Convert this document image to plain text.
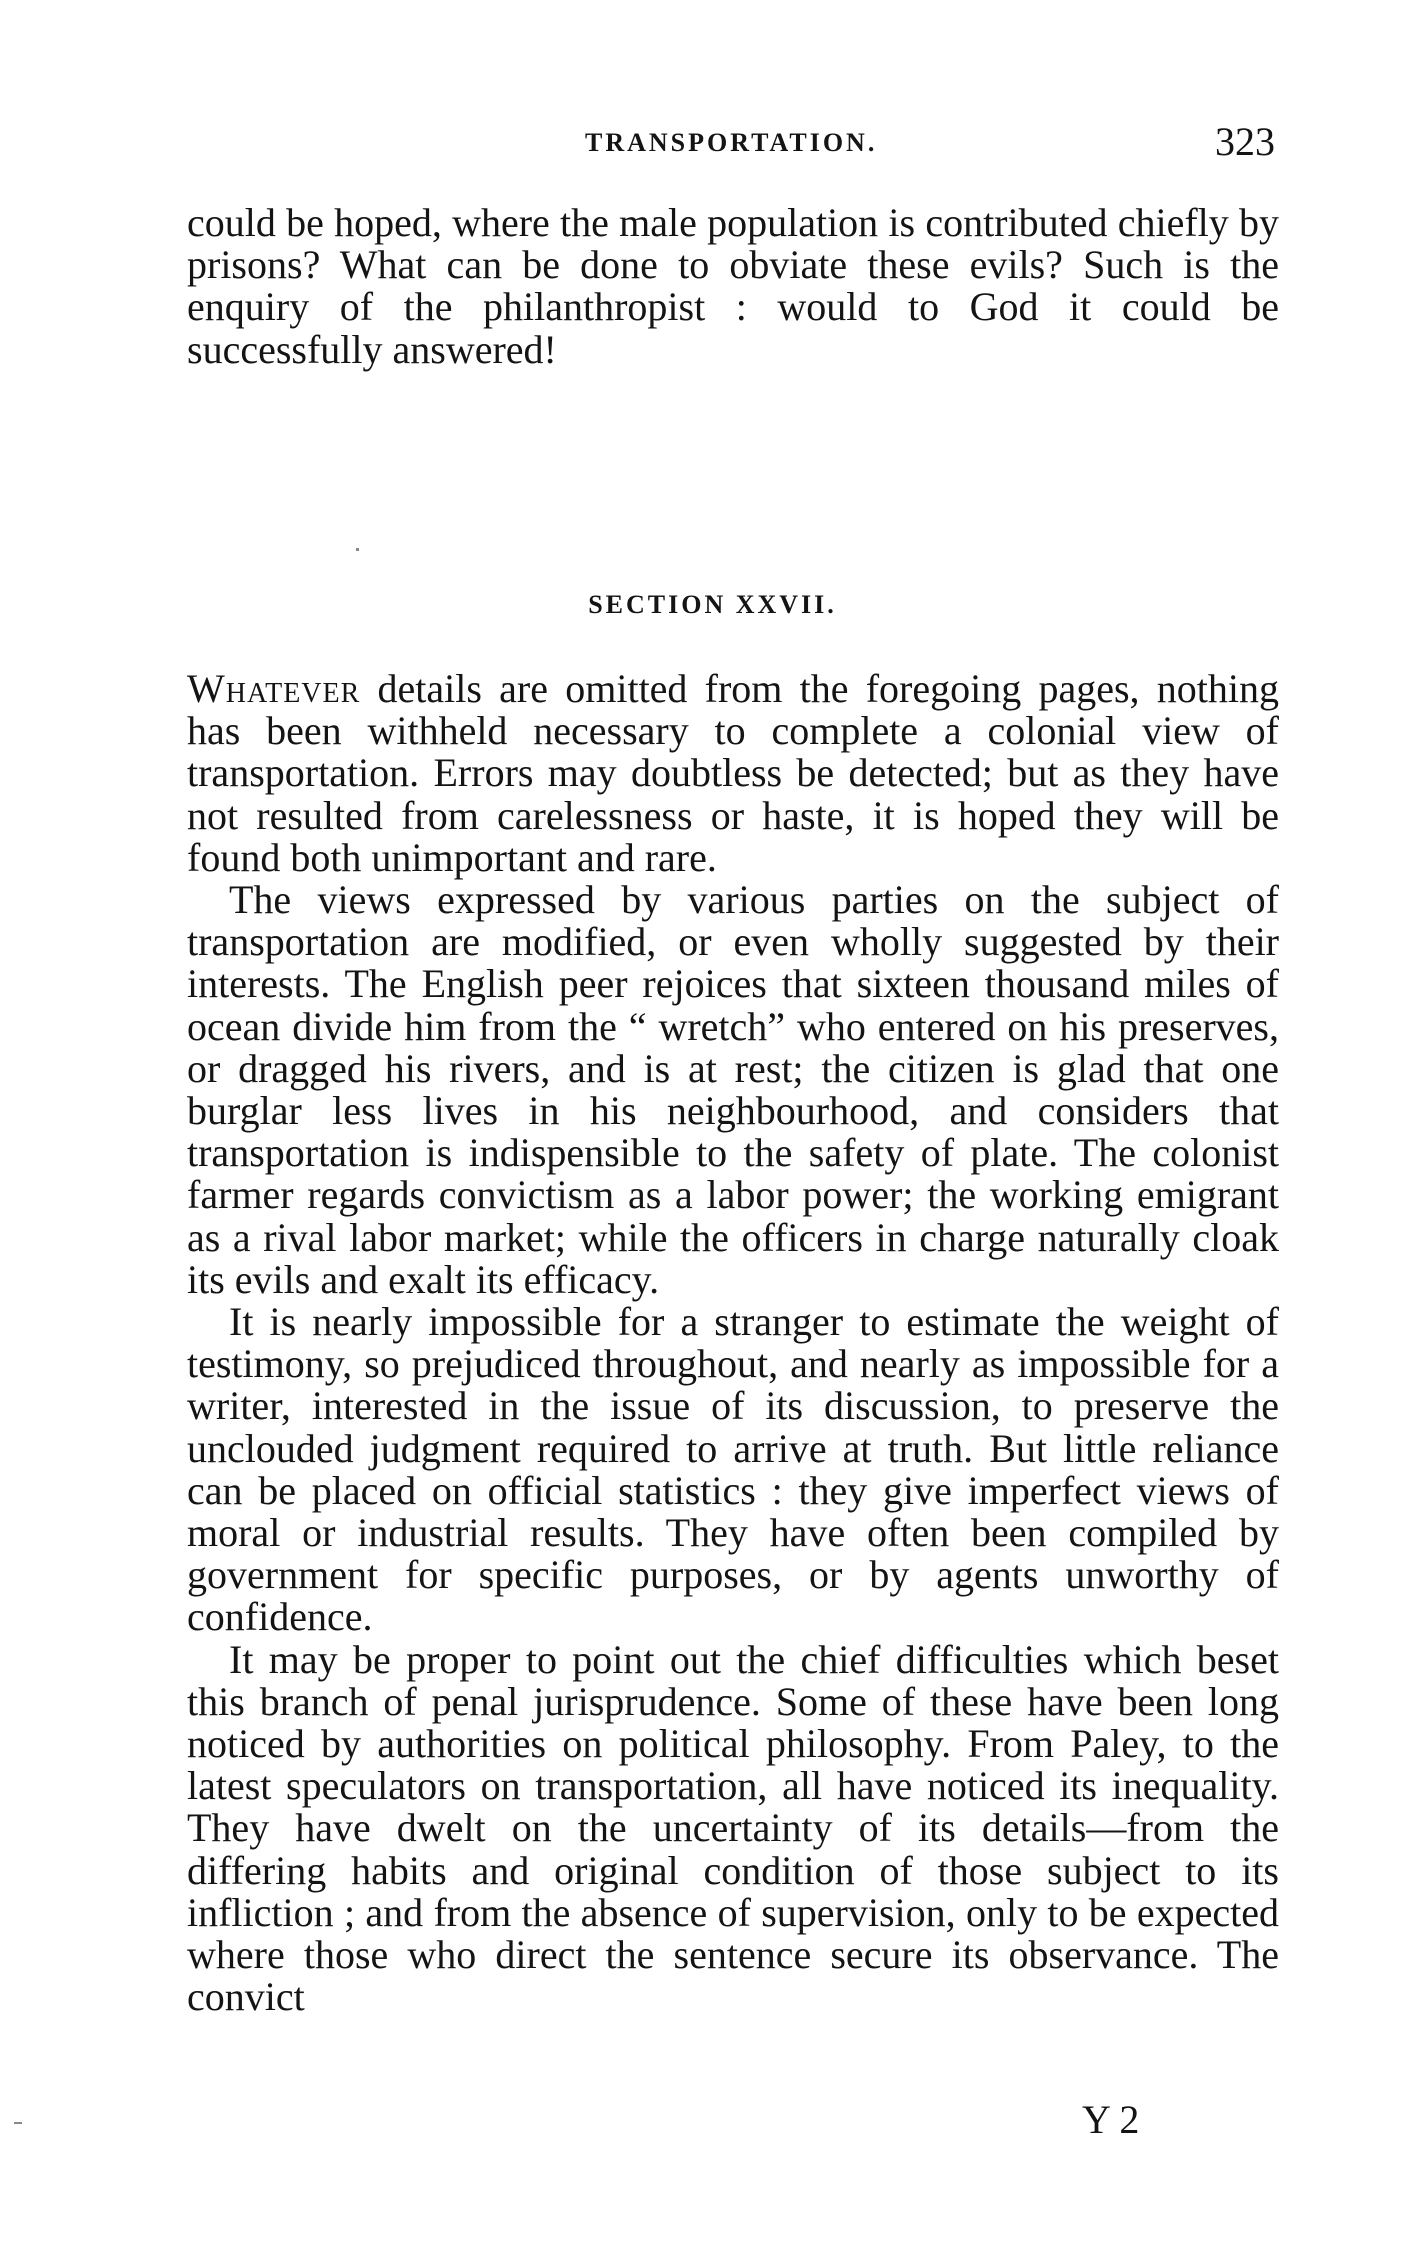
TRANSPORTATION.	323

could be hoped, where the male population is contributed chiefly by prisons? What can be done to obviate these evils? Such is the enquiry of the philanthropist : would to God it could be successfully answered!

SECTION XXVII.

Whatever details are omitted from the foregoing pages, nothing has been withheld necessary to complete a colonial view of transportation. Errors may doubtless be detected; but as they have not resulted from carelessness or haste, it is hoped they will be found both unimportant and rare.

The views expressed by various parties on the subject of transportation are modified, or even wholly suggested by their interests. The English peer rejoices that sixteen thousand miles of ocean divide him from the “ wretch” who entered on his preserves, or dragged his rivers, and is at rest; the citizen is glad that one burglar less lives in his neighbourhood, and considers that transportation is indispensible to the safety of plate. The colonist farmer regards convictism as a labor power; the working emigrant as a rival labor market; while the officers in charge naturally cloak its evils and exalt its efficacy.

It is nearly impossible for a stranger to estimate the weight of testimony, so prejudiced throughout, and nearly as impossible for a writer, interested in the issue of its discussion, to preserve the unclouded judgment required to arrive at truth. But little reliance can be placed on official statistics : they give imperfect views of moral or industrial results. They have often been compiled by government for specific purposes, or by agents unworthy of confidence.

It may be proper to point out the chief difficulties which beset this branch of penal jurisprudence. Some of these have been long noticed by authorities on political philosophy. From Paley, to the latest speculators on transportation, all have noticed its inequality. They have dwelt on the uncertainty of its details—from the differing habits and original condition of those subject to its infliction ; and from the absence of supervision, only to be expected where those who direct the sentence secure its observance. The convict

Y 2
